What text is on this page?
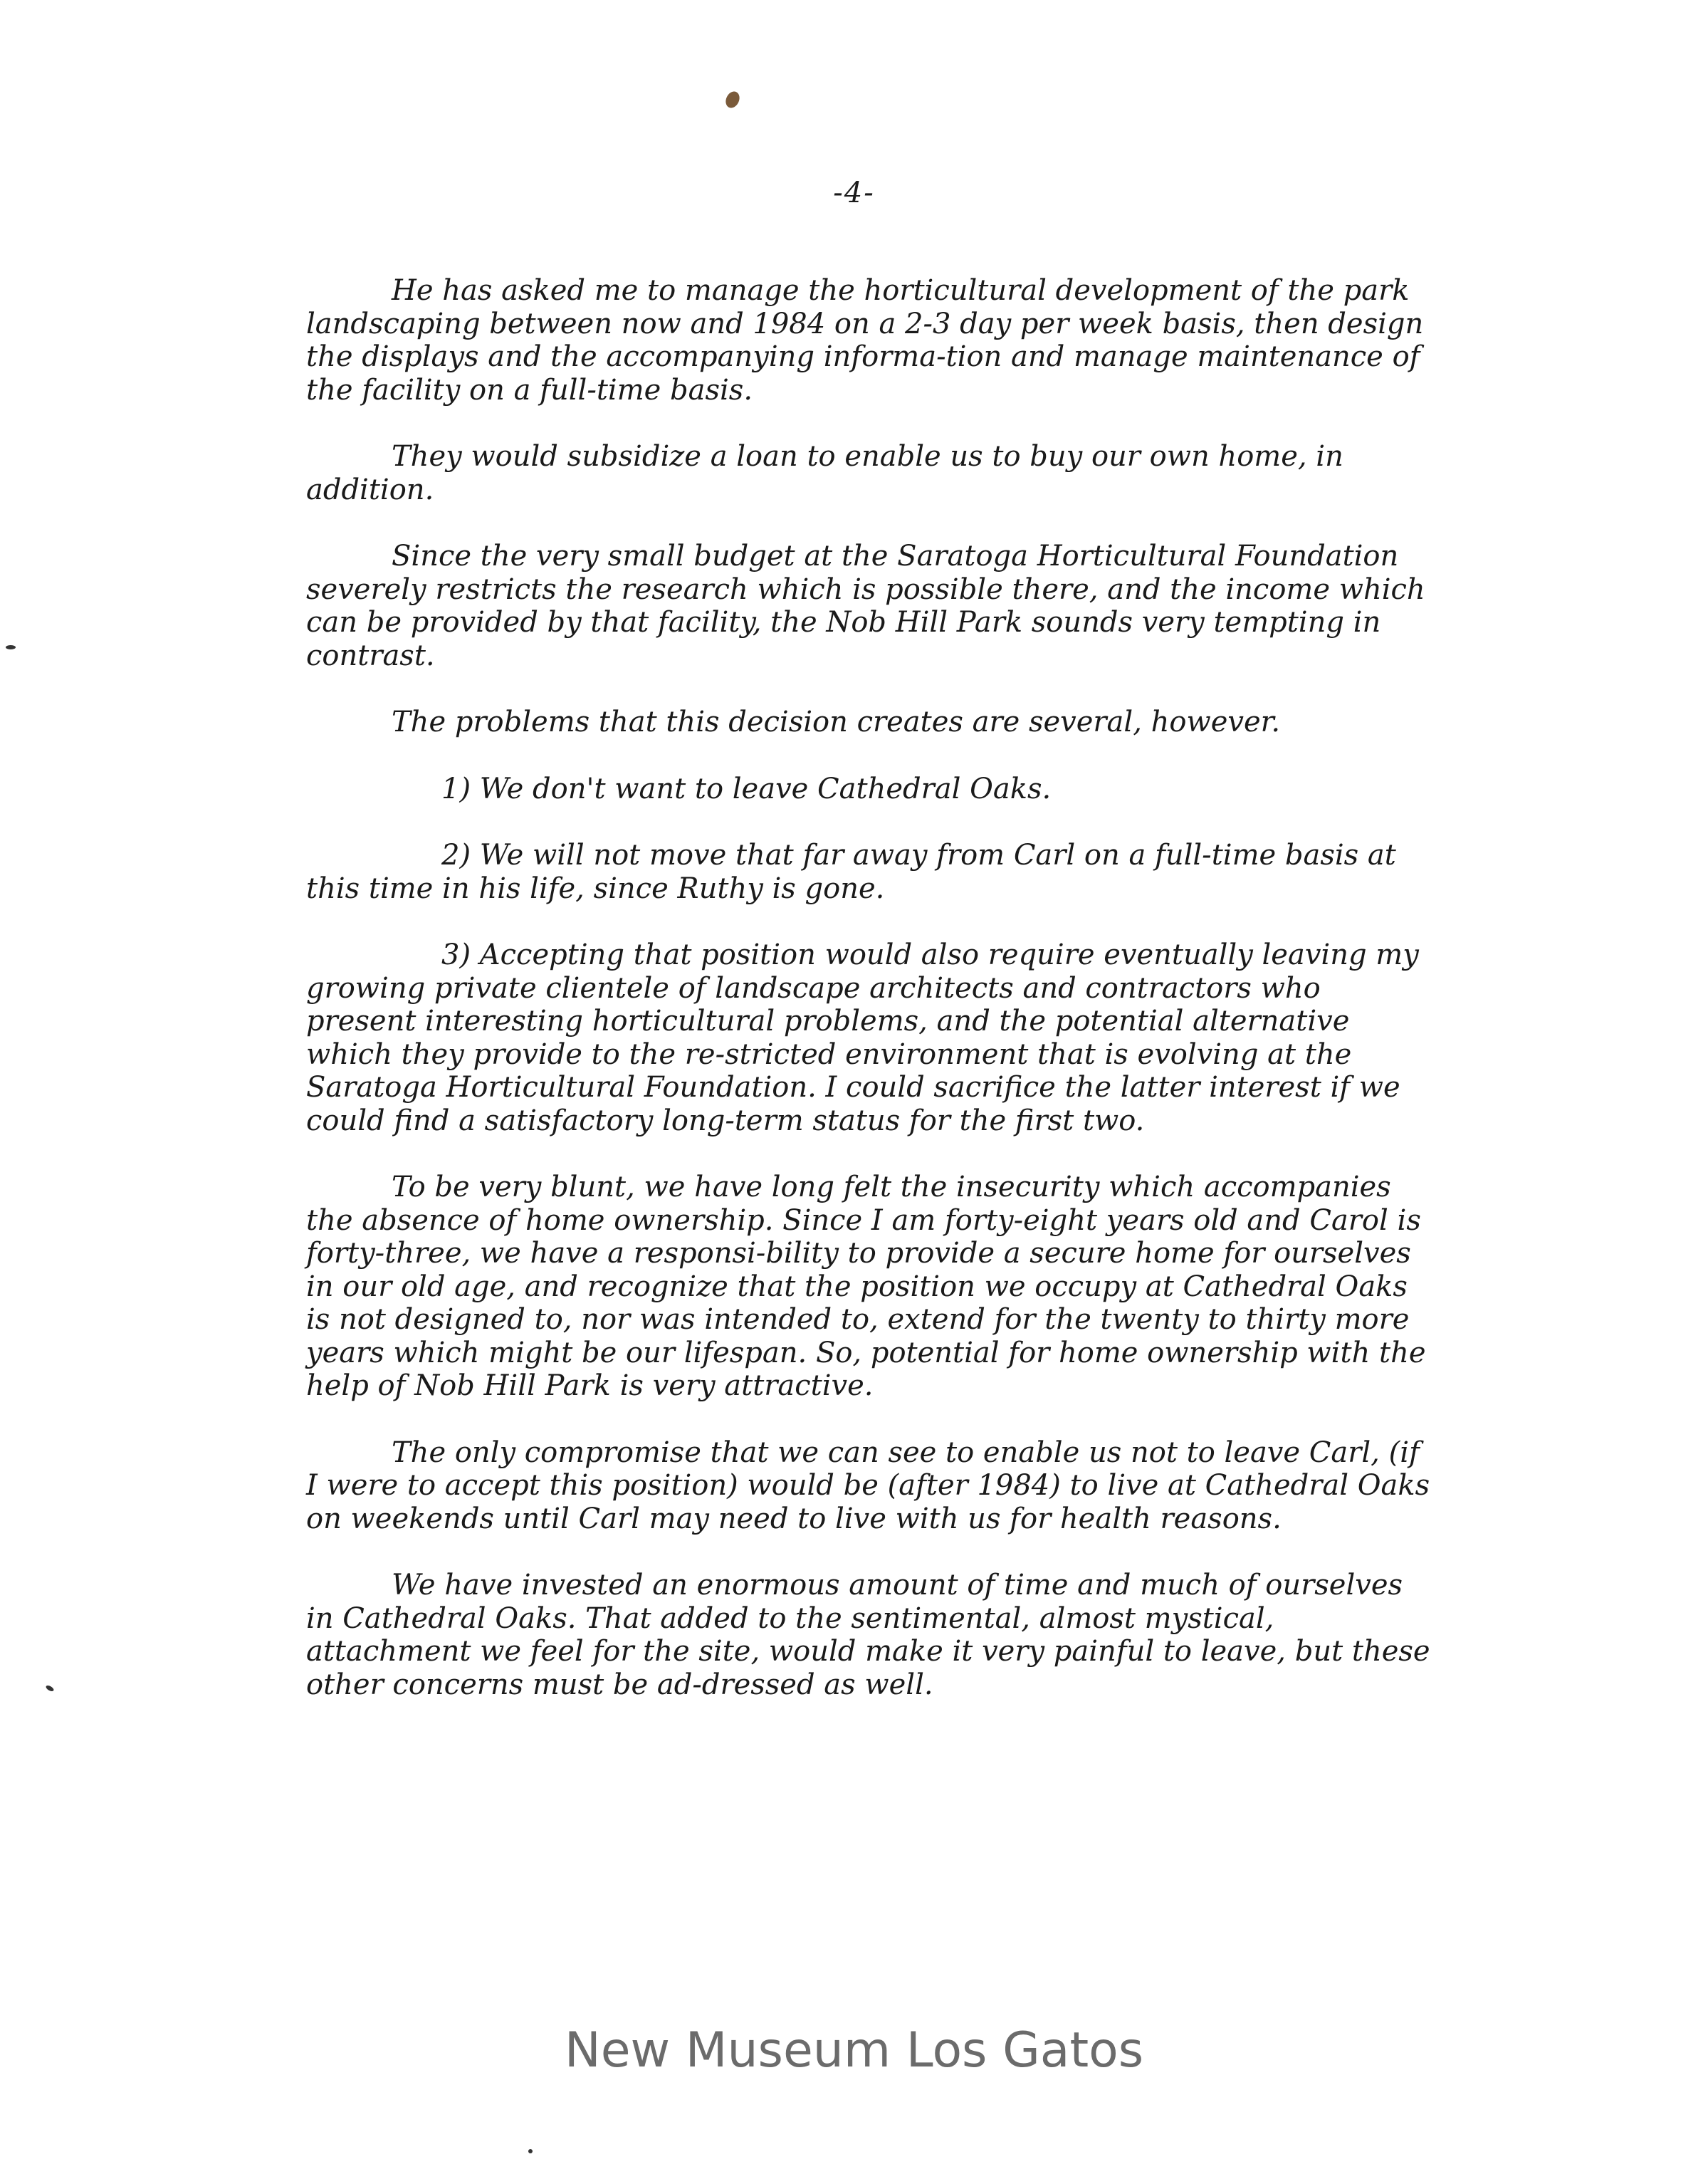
-4-

He has asked me to manage the horticultural development of the park landscaping between now and 1984 on a 2-3 day per week basis, then design the displays and the accompanying informa-tion and manage maintenance of the facility on a full-time basis.

They would subsidize a loan to enable us to buy our own home, in addition.

Since the very small budget at the Saratoga Horticultural Foundation severely restricts the research which is possible there, and the income which can be provided by that facility, the Nob Hill Park sounds very tempting in contrast.

The problems that this decision creates are several, however.

1) We don't want to leave Cathedral Oaks.

2) We will not move that far away from Carl on a full-time basis at this time in his life, since Ruthy is gone.

3) Accepting that position would also require eventually leaving my growing private clientele of landscape architects and contractors who present interesting horticultural problems, and the potential alternative which they provide to the re-stricted environment that is evolving at the Saratoga Horticultural Foundation. I could sacrifice the latter interest if we could find a satisfactory long-term status for the first two.

To be very blunt, we have long felt the insecurity which accompanies the absence of home ownership. Since I am forty-eight years old and Carol is forty-three, we have a responsi-bility to provide a secure home for ourselves in our old age, and recognize that the position we occupy at Cathedral Oaks is not designed to, nor was intended to, extend for the twenty to thirty more years which might be our lifespan. So, potential for home ownership with the help of Nob Hill Park is very attractive.

The only compromise that we can see to enable us not to leave Carl, (if I were to accept this position) would be (after 1984) to live at Cathedral Oaks on weekends until Carl may need to live with us for health reasons.

We have invested an enormous amount of time and much of ourselves in Cathedral Oaks. That added to the sentimental, almost mystical, attachment we feel for the site, would make it very painful to leave, but these other concerns must be ad-dressed as well.

New Museum Los Gatos
